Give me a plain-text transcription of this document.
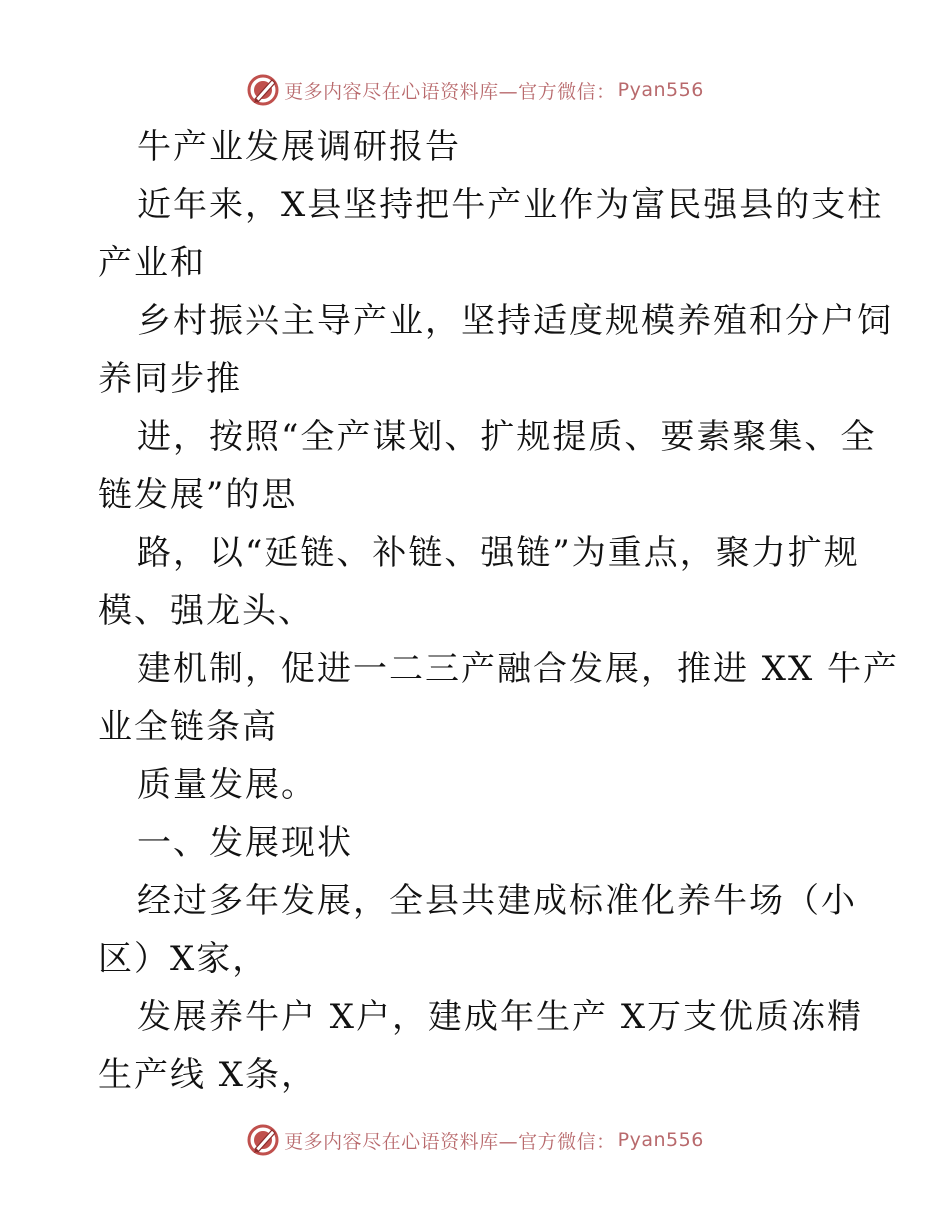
更多内容尽在心语资料库—官方微信： Pyan556
牛产业发展调研报告
近年来，X县坚持把牛产业作为富民强县的支柱
产业和
乡村振兴主导产业，坚持适度规模养殖和分户饲
养同步推
进，按照“全产谋划、扩规提质、要素聚集、全
链发展”的思
路，以“延链、补链、强链”为重点，聚力扩规
模、强龙头、
建机制，促进一二三产融合发展，推进 XX 牛产
业全链条高
质量发展。
一、发展现状
经过多年发展，全县共建成标准化养牛场（小
区）X家，
发展养牛户 X户，建成年生产 X万支优质冻精
生产线 X条，
更多内容尽在心语资料库—官方微信： Pyan556
